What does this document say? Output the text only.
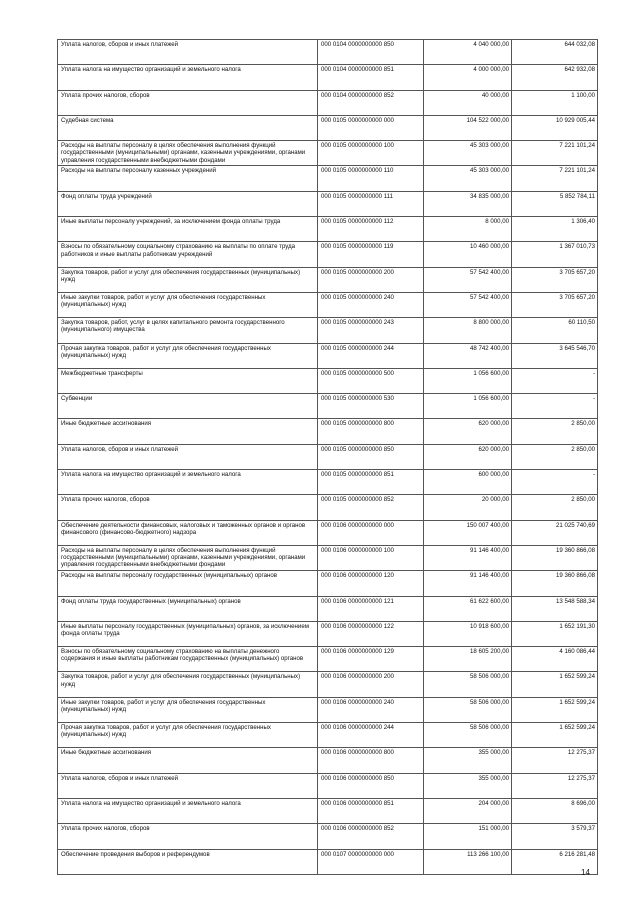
Уплата налогов, сборов и иных платежей	000 0104 0000000000 850	4 040 000,00	644 032,08
Уплата налога на имущество организаций и земельного налога	000 0104 0000000000 851	4 000 000,00	642 932,08
Уплата прочих налогов, сборов	000 0104 0000000000 852	40 000,00	1 100,00
Судебная система	000 0105 0000000000 000	104 522 000,00	10 929 005,44
Расходы на выплаты персоналу в целях обеспечения выполнения функций государственными (муниципальными) органами, казенными учреждениями, органами управления государственными внебюджетными фондами	000 0105 0000000000 100	45 303 000,00	7 221 101,24
Расходы на выплаты персоналу казенных учреждений	000 0105 0000000000 110	45 303 000,00	7 221 101,24
Фонд оплаты труда учреждений	000 0105 0000000000 111	34 835 000,00	5 852 784,11
Иные выплаты персоналу учреждений, за исключением фонда оплаты труда	000 0105 0000000000 112	8 000,00	1 306,40
Взносы по обязательному социальному страхованию на выплаты по оплате труда работников и иные выплаты работникам учреждений	000 0105 0000000000 119	10 460 000,00	1 367 010,73
Закупка товаров, работ и услуг для обеспечения государственных (муниципальных) нужд	000 0105 0000000000 200	57 542 400,00	3 705 657,20
Иные закупки товаров, работ и услуг для обеспечения государственных (муниципальных) нужд	000 0105 0000000000 240	57 542 400,00	3 705 657,20
Закупка товаров, работ, услуг в целях капитального ремонта государственного (муниципального) имущества	000 0105 0000000000 243	8 800 000,00	60 110,50
Прочая закупка товаров, работ и услуг для обеспечения государственных (муниципальных) нужд	000 0105 0000000000 244	48 742 400,00	3 645 546,70
Межбюджетные трансферты	000 0105 0000000000 500	1 056 600,00	-
Субвенции	000 0105 0000000000 530	1 056 600,00	-
Иные бюджетные ассигнования	000 0105 0000000000 800	620 000,00	2 850,00
Уплата налогов, сборов и иных платежей	000 0105 0000000000 850	620 000,00	2 850,00
Уплата налога на имущество организаций и земельного налога	000 0105 0000000000 851	600 000,00	-
Уплата прочих налогов, сборов	000 0105 0000000000 852	20 000,00	2 850,00
Обеспечение деятельности финансовых, налоговых и таможенных органов и органов финансового (финансово-бюджетного) надзора	000 0106 0000000000 000	150 007 400,00	21 025 740,69
Расходы на выплаты персоналу в целях обеспечения выполнения функций государственными (муниципальными) органами, казенными учреждениями, органами управления государственными внебюджетными фондами	000 0106 0000000000 100	91 146 400,00	19 360 866,08
Расходы на выплаты персоналу государственных (муниципальных) органов	000 0106 0000000000 120	91 146 400,00	19 360 866,08
Фонд оплаты труда государственных (муниципальных) органов	000 0106 0000000000 121	61 622 600,00	13 548 588,34
Иные выплаты персоналу государственных (муниципальных) органов, за исключением фонда оплаты труда	000 0106 0000000000 122	10 918 600,00	1 652 191,30
Взносы по обязательному социальному страхованию на выплаты денежного содержания и иные выплаты работникам государственных (муниципальных) органов	000 0106 0000000000 129	18 605 200,00	4 160 086,44
Закупка товаров, работ и услуг для обеспечения государственных (муниципальных) нужд	000 0106 0000000000 200	58 506 000,00	1 652 599,24
Иные закупки товаров, работ и услуг для обеспечения государственных (муниципальных) нужд	000 0106 0000000000 240	58 506 000,00	1 652 599,24
Прочая закупка товаров, работ и услуг для обеспечения государственных (муниципальных) нужд	000 0106 0000000000 244	58 506 000,00	1 652 599,24
Иные бюджетные ассигнования	000 0106 0000000000 800	355 000,00	12 275,37
Уплата налогов, сборов и иных платежей	000 0106 0000000000 850	355 000,00	12 275,37
Уплата налога на имущество организаций и земельного налога	000 0106 0000000000 851	204 000,00	8 696,00
Уплата прочих налогов, сборов	000 0106 0000000000 852	151 000,00	3 579,37
Обеспечение проведения выборов и референдумов	000 0107 0000000000 000	113 266 100,00	6 216 281,48
14
